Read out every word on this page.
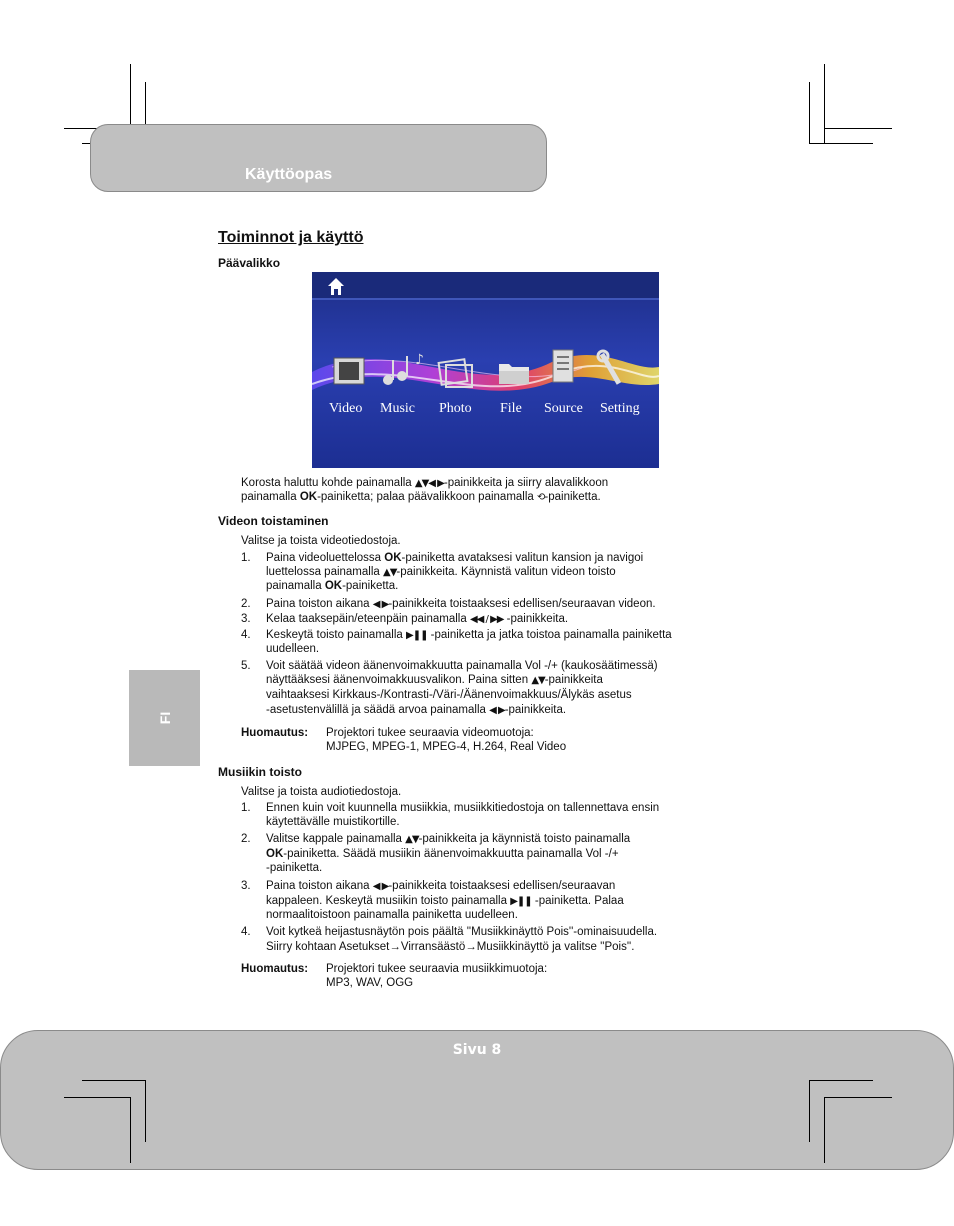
Käyttöopas
FI
Toiminnot ja käyttö
Päävalikko
♪
Video Music Photo File Source Setting
Korosta haluttu kohde painamalla ▲▼◀ ▶-painikkeita ja siirry alavalikkoon
painamalla OK-painiketta; palaa päävalikkoon painamalla ⟲-painiketta.
Videon toistaminen
Valitse ja toista videotiedostoja.
1. Paina videoluettelossa OK-painiketta avataksesi valitun kansion ja navigoi
luettelossa painamalla ▲▼-painikkeita. Käynnistä valitun videon toisto
painamalla OK-painiketta.
2. Paina toiston aikana ◀ ▶-painikkeita toistaaksesi edellisen/seuraavan videon.
3. Kelaa taaksepäin/eteenpäin painamalla ◀◀ / ▶▶ -painikkeita.
4. Keskeytä toisto painamalla ▶❚❚ -painiketta ja jatka toistoa painamalla painiketta
uudelleen.
5. Voit säätää videon äänenvoimakkuutta painamalla Vol -/+ (kaukosäätimessä)
näyttääksesi äänenvoimakkuusvalikon. Paina sitten ▲▼-painikkeita
vaihtaaksesi Kirkkaus-/Kontrasti-/Väri-/Äänenvoimakkuus/Älykäs asetus
-asetustenvälillä ja säädä arvoa painamalla ◀ ▶-painikkeita.
Huomautus: Projektori tukee seuraavia videomuotoja:
MJPEG, MPEG-1, MPEG-4, H.264, Real Video
Musiikin toisto
Valitse ja toista audiotiedostoja.
1. Ennen kuin voit kuunnella musiikkia, musiikkitiedostoja on tallennettava ensin
käytettävälle muistikortille.
2. Valitse kappale painamalla ▲▼-painikkeita ja käynnistä toisto painamalla
OK-painiketta. Säädä musiikin äänenvoimakkuutta painamalla Vol -/+
-painiketta.
3. Paina toiston aikana ◀ ▶-painikkeita toistaaksesi edellisen/seuraavan
kappaleen. Keskeytä musiikin toisto painamalla ▶❚❚ -painiketta. Palaa
normaalitoistoon painamalla painiketta uudelleen.
4. Voit kytkeä heijastusnäytön pois päältä ''Musiikkinäyttö Pois''-ominaisuudella.
Siirry kohtaan Asetukset→Virransäästö→Musiikkinäyttö ja valitse ''Pois''.
Huomautus: Projektori tukee seuraavia musiikkimuotoja:
MP3, WAV, OGG
Sivu 8
